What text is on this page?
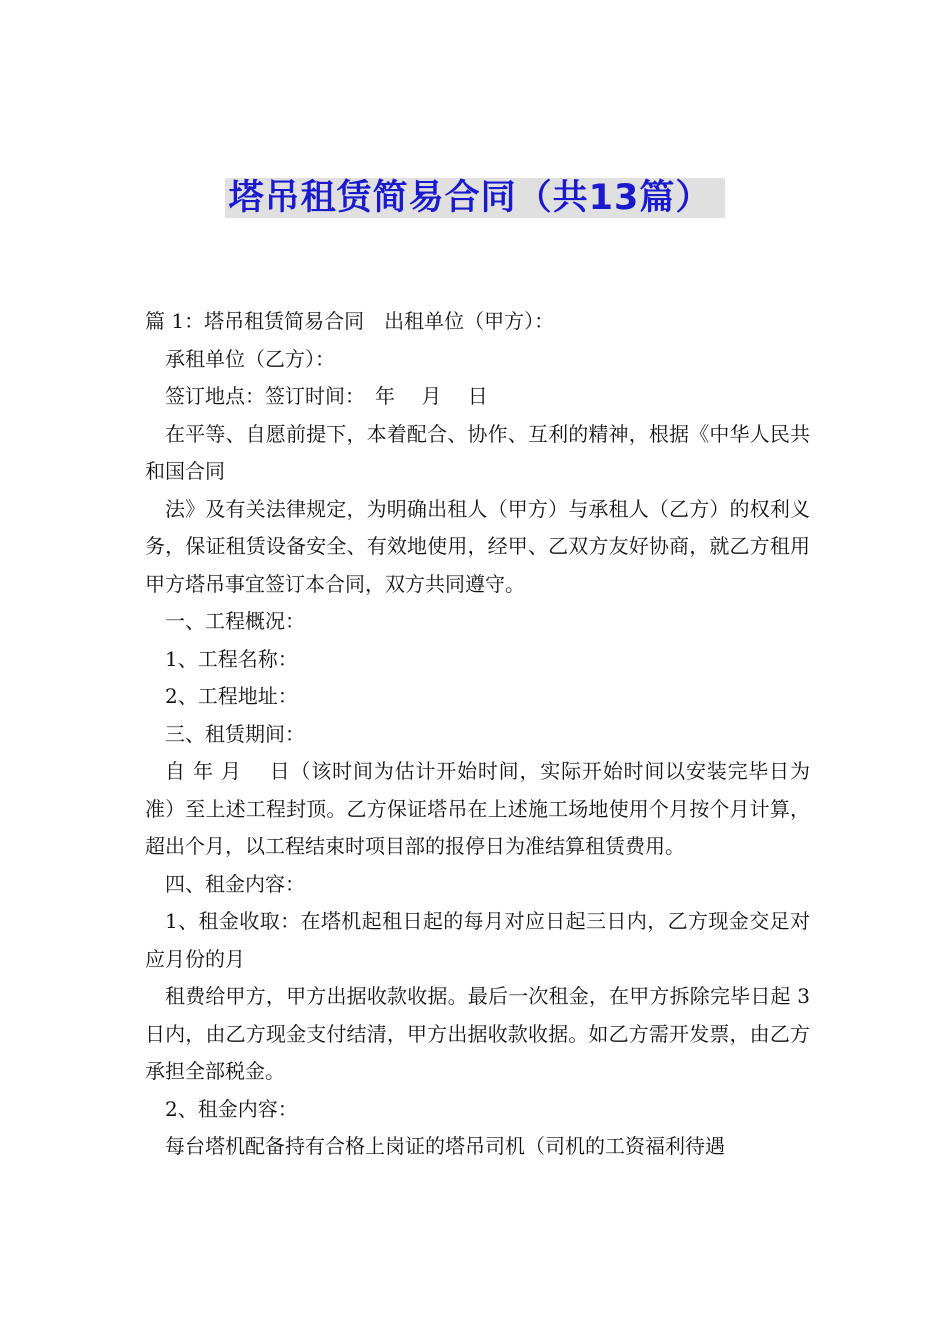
塔吊租赁简易合同（共13篇）

篇 1：塔吊租赁简易合同　出租单位（甲方）：

承租单位（乙方）：

签订地点：签订时间：　年　 月　 日

在平等、自愿前提下，本着配合、协作、互利的精神，根据《中华人民共和国合同

法》及有关法律规定，为明确出租人（甲方）与承租人（乙方）的权利义务，保证租赁设备安全、有效地使用，经甲、乙双方友好协商，就乙方租用甲方塔吊事宜签订本合同，双方共同遵守。

一、工程概况：

1、工程名称：

2、工程地址：

三、租赁期间：

自 年 月　 日（该时间为估计开始时间，实际开始时间以安装完毕日为准）至上述工程封顶。乙方保证塔吊在上述施工场地使用个月按个月计算，超出个月，以工程结束时项目部的报停日为准结算租赁费用。

四、租金内容：

1、租金收取：在塔机起租日起的每月对应日起三日内，乙方现金交足对应月份的月

租费给甲方，甲方出据收款收据。最后一次租金，在甲方拆除完毕日起 3 日内，由乙方现金支付结清，甲方出据收款收据。如乙方需开发票，由乙方承担全部税金。

2、租金内容：

每台塔机配备持有合格上岗证的塔吊司机（司机的工资福利待遇
